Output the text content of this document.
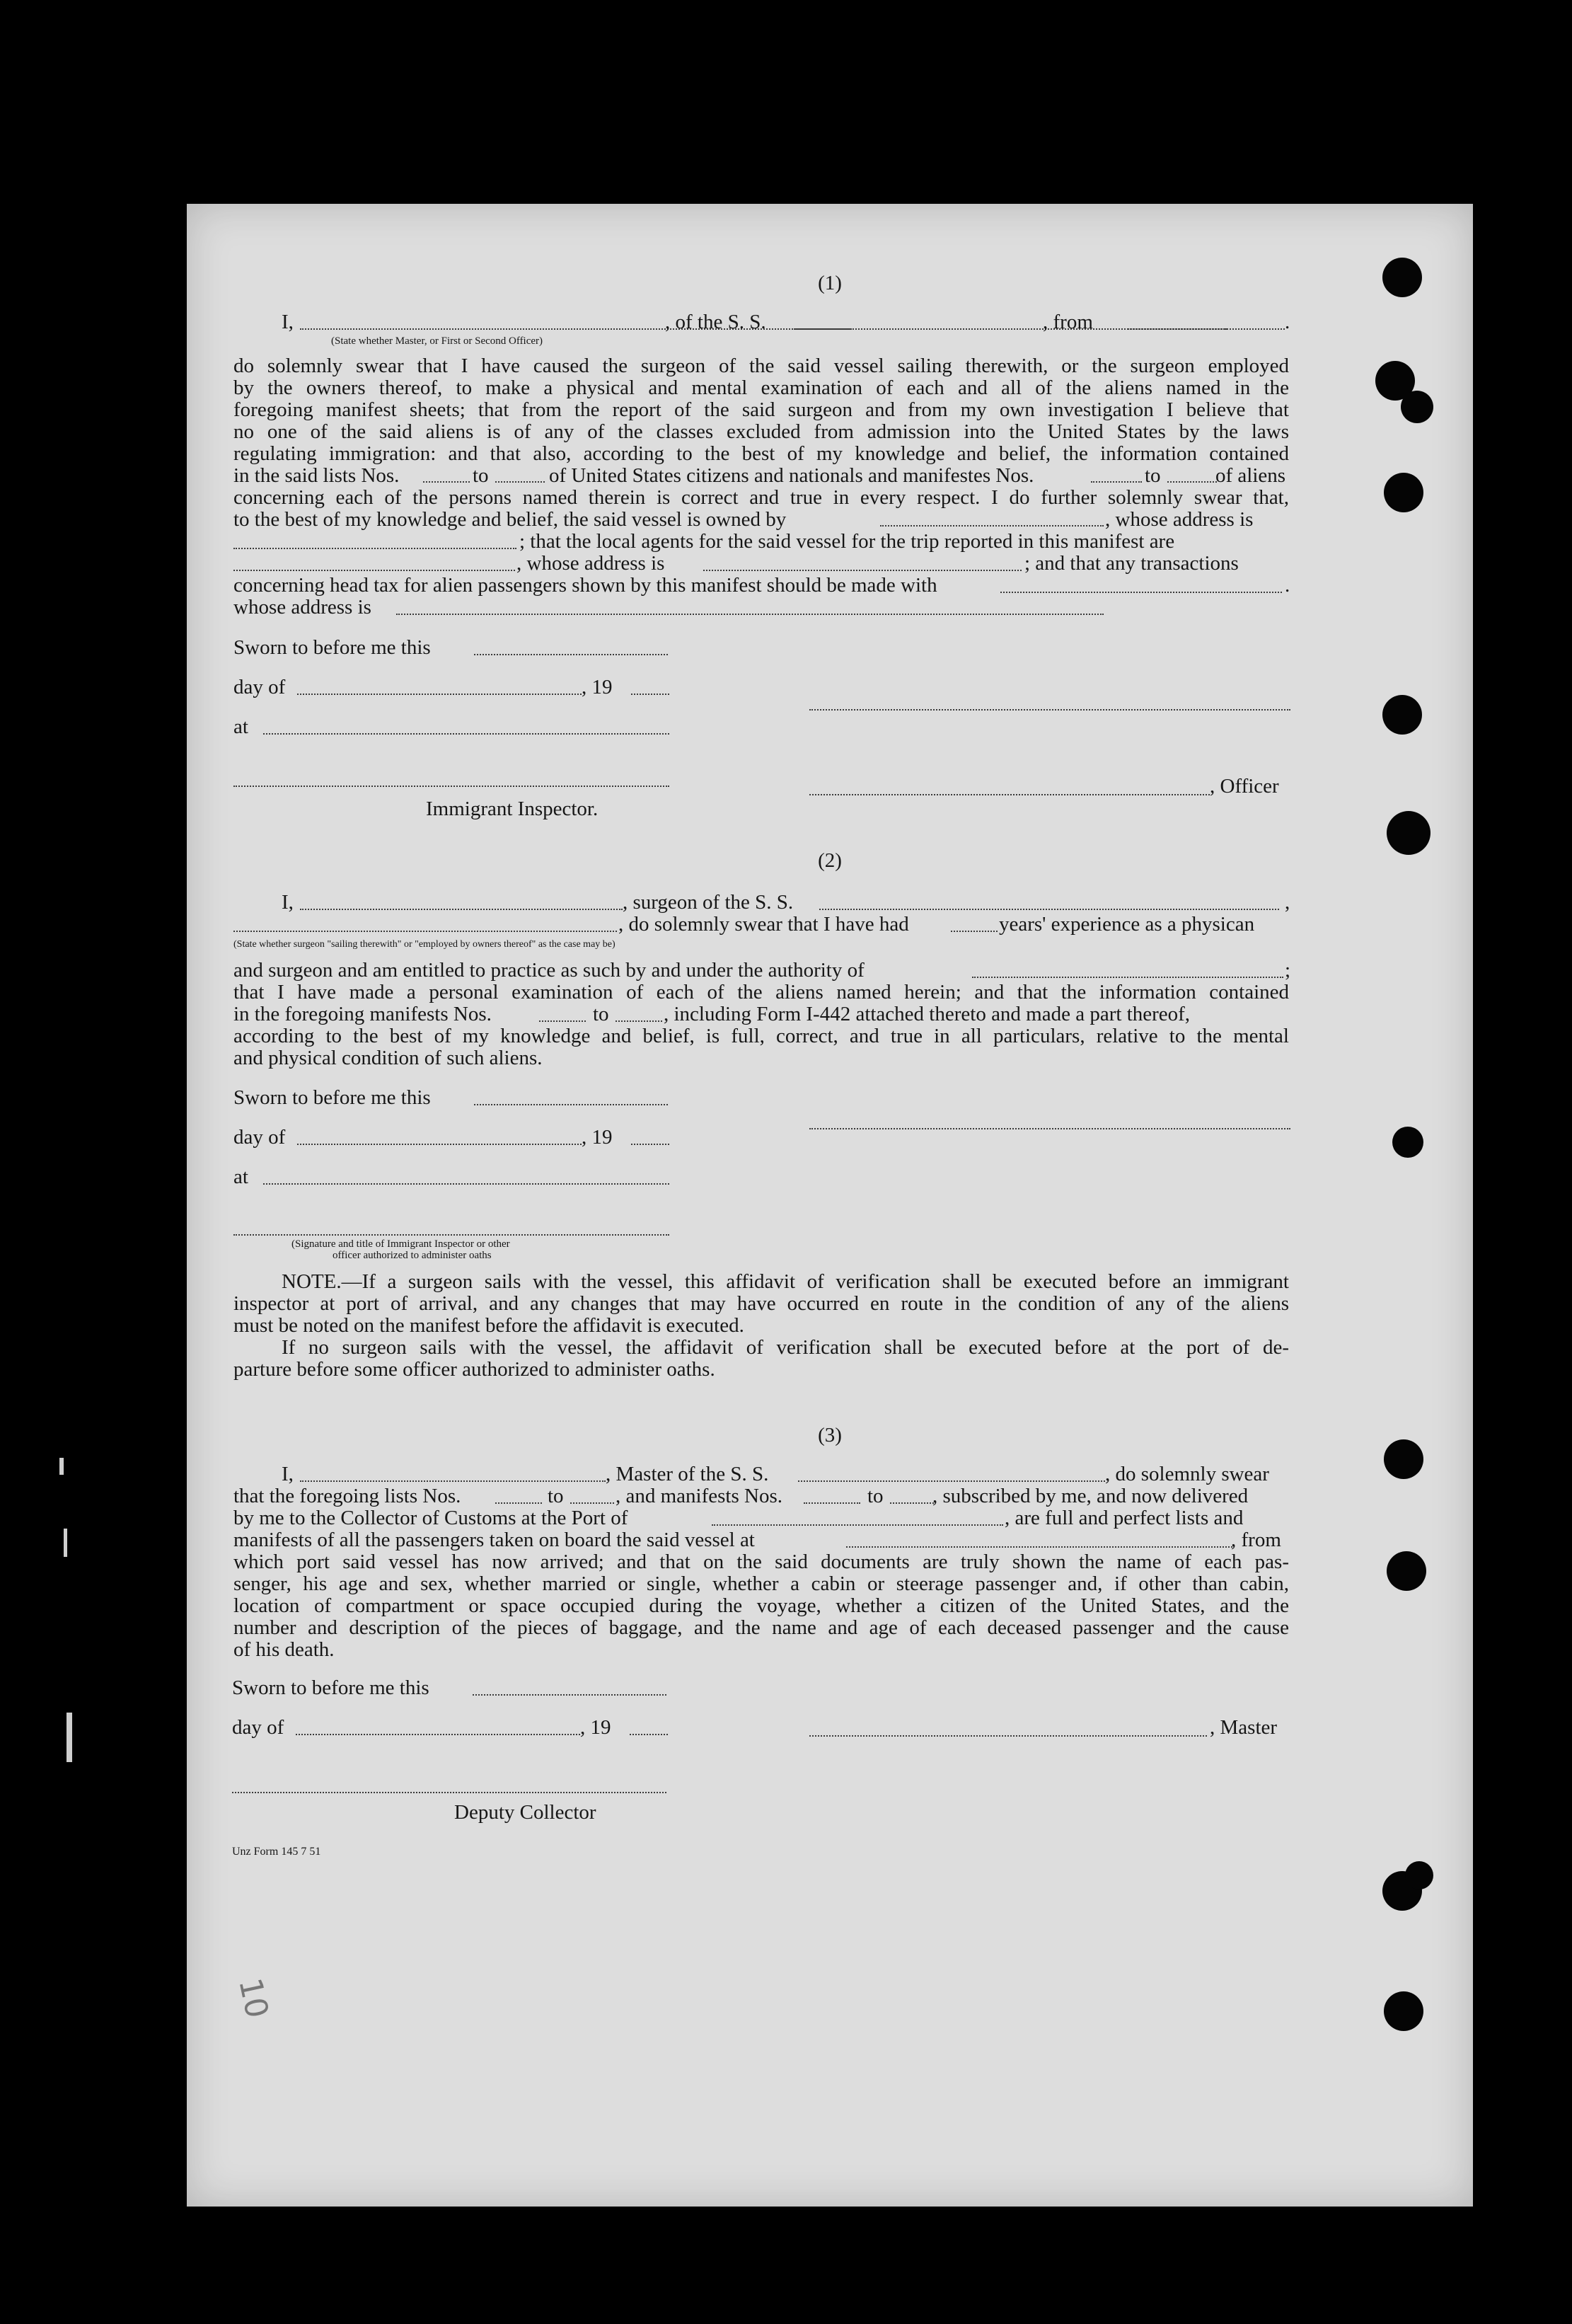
(1)
I,	, of the S. S.	, from	.
(State whether Master, or First or Second Officer)
do solemnly swear that I have caused the surgeon of the said vessel sailing therewith, or the surgeon employed
by the owners thereof, to make a physical and mental examination of each and all of the aliens named in the
foregoing manifest sheets; that from the report of the said surgeon and from my own investigation I believe that
no one of the said aliens is of any of the classes excluded from admission into the United States by the laws
regulating immigration: and that also, according to the best of my knowledge and belief, the information contained
in the said lists Nos.	to	of United States citizens and nationals and manifestes Nos.	to	of aliens
concerning each of the persons named therein is correct and true in every respect. I do further solemnly swear that,
to the best of my knowledge and belief, the said vessel is owned by	, whose address is
; that the local agents for the said vessel for the trip reported in this manifest are
, whose address is	; and that any transactions
concerning head tax for alien passengers shown by this manifest should be made with	.
whose address is
Sworn to before me this
day of	, 19
at
, Officer
Immigrant Inspector.
(2)
I,	, surgeon of the S. S.	,
, do solemnly swear that I have had	years' experience as a physican
(State whether surgeon "sailing therewith" or "employed by owners thereof" as the case may be)
and surgeon and am entitled to practice as such by and under the authority of	;
that I have made a personal examination of each of the aliens named herein; and that the information contained
in the foregoing manifests Nos.	to	, including Form I-442 attached thereto and made a part thereof,
according to the best of my knowledge and belief, is full, correct, and true in all particulars, relative to the mental
and physical condition of such aliens.
Sworn to before me this
day of	, 19
at
(Signature and title of Immigrant Inspector or other
officer authorized to administer oaths
NOTE.—If a surgeon sails with the vessel, this affidavit of verification shall be executed before an immigrant
inspector at port of arrival, and any changes that may have occurred en route in the condition of any of the aliens
must be noted on the manifest before the affidavit is executed.
If no surgeon sails with the vessel, the affidavit of verification shall be executed before at the port of de-
parture before some officer authorized to administer oaths.
(3)
I,	, Master of the S. S.	, do solemnly swear
that the foregoing lists Nos.	to	, and manifests Nos.	to , subscribed by me, and now delivered
by me to the Collector of Customs at the Port of	, are full and perfect lists and
manifests of all the passengers taken on board the said vessel at	, from
which port said vessel has now arrived; and that on the said documents are truly shown the name of each pas-
senger, his age and sex, whether married or single, whether a cabin or steerage passenger and, if other than cabin,
location of compartment or space occupied during the voyage, whether a citizen of the United States, and the
number and description of the pieces of baggage, and the name and age of each deceased passenger and the cause
of his death.
Sworn to before me this
day of	, 19	, Master
Deputy Collector
Unz Form 145 7 51
10
